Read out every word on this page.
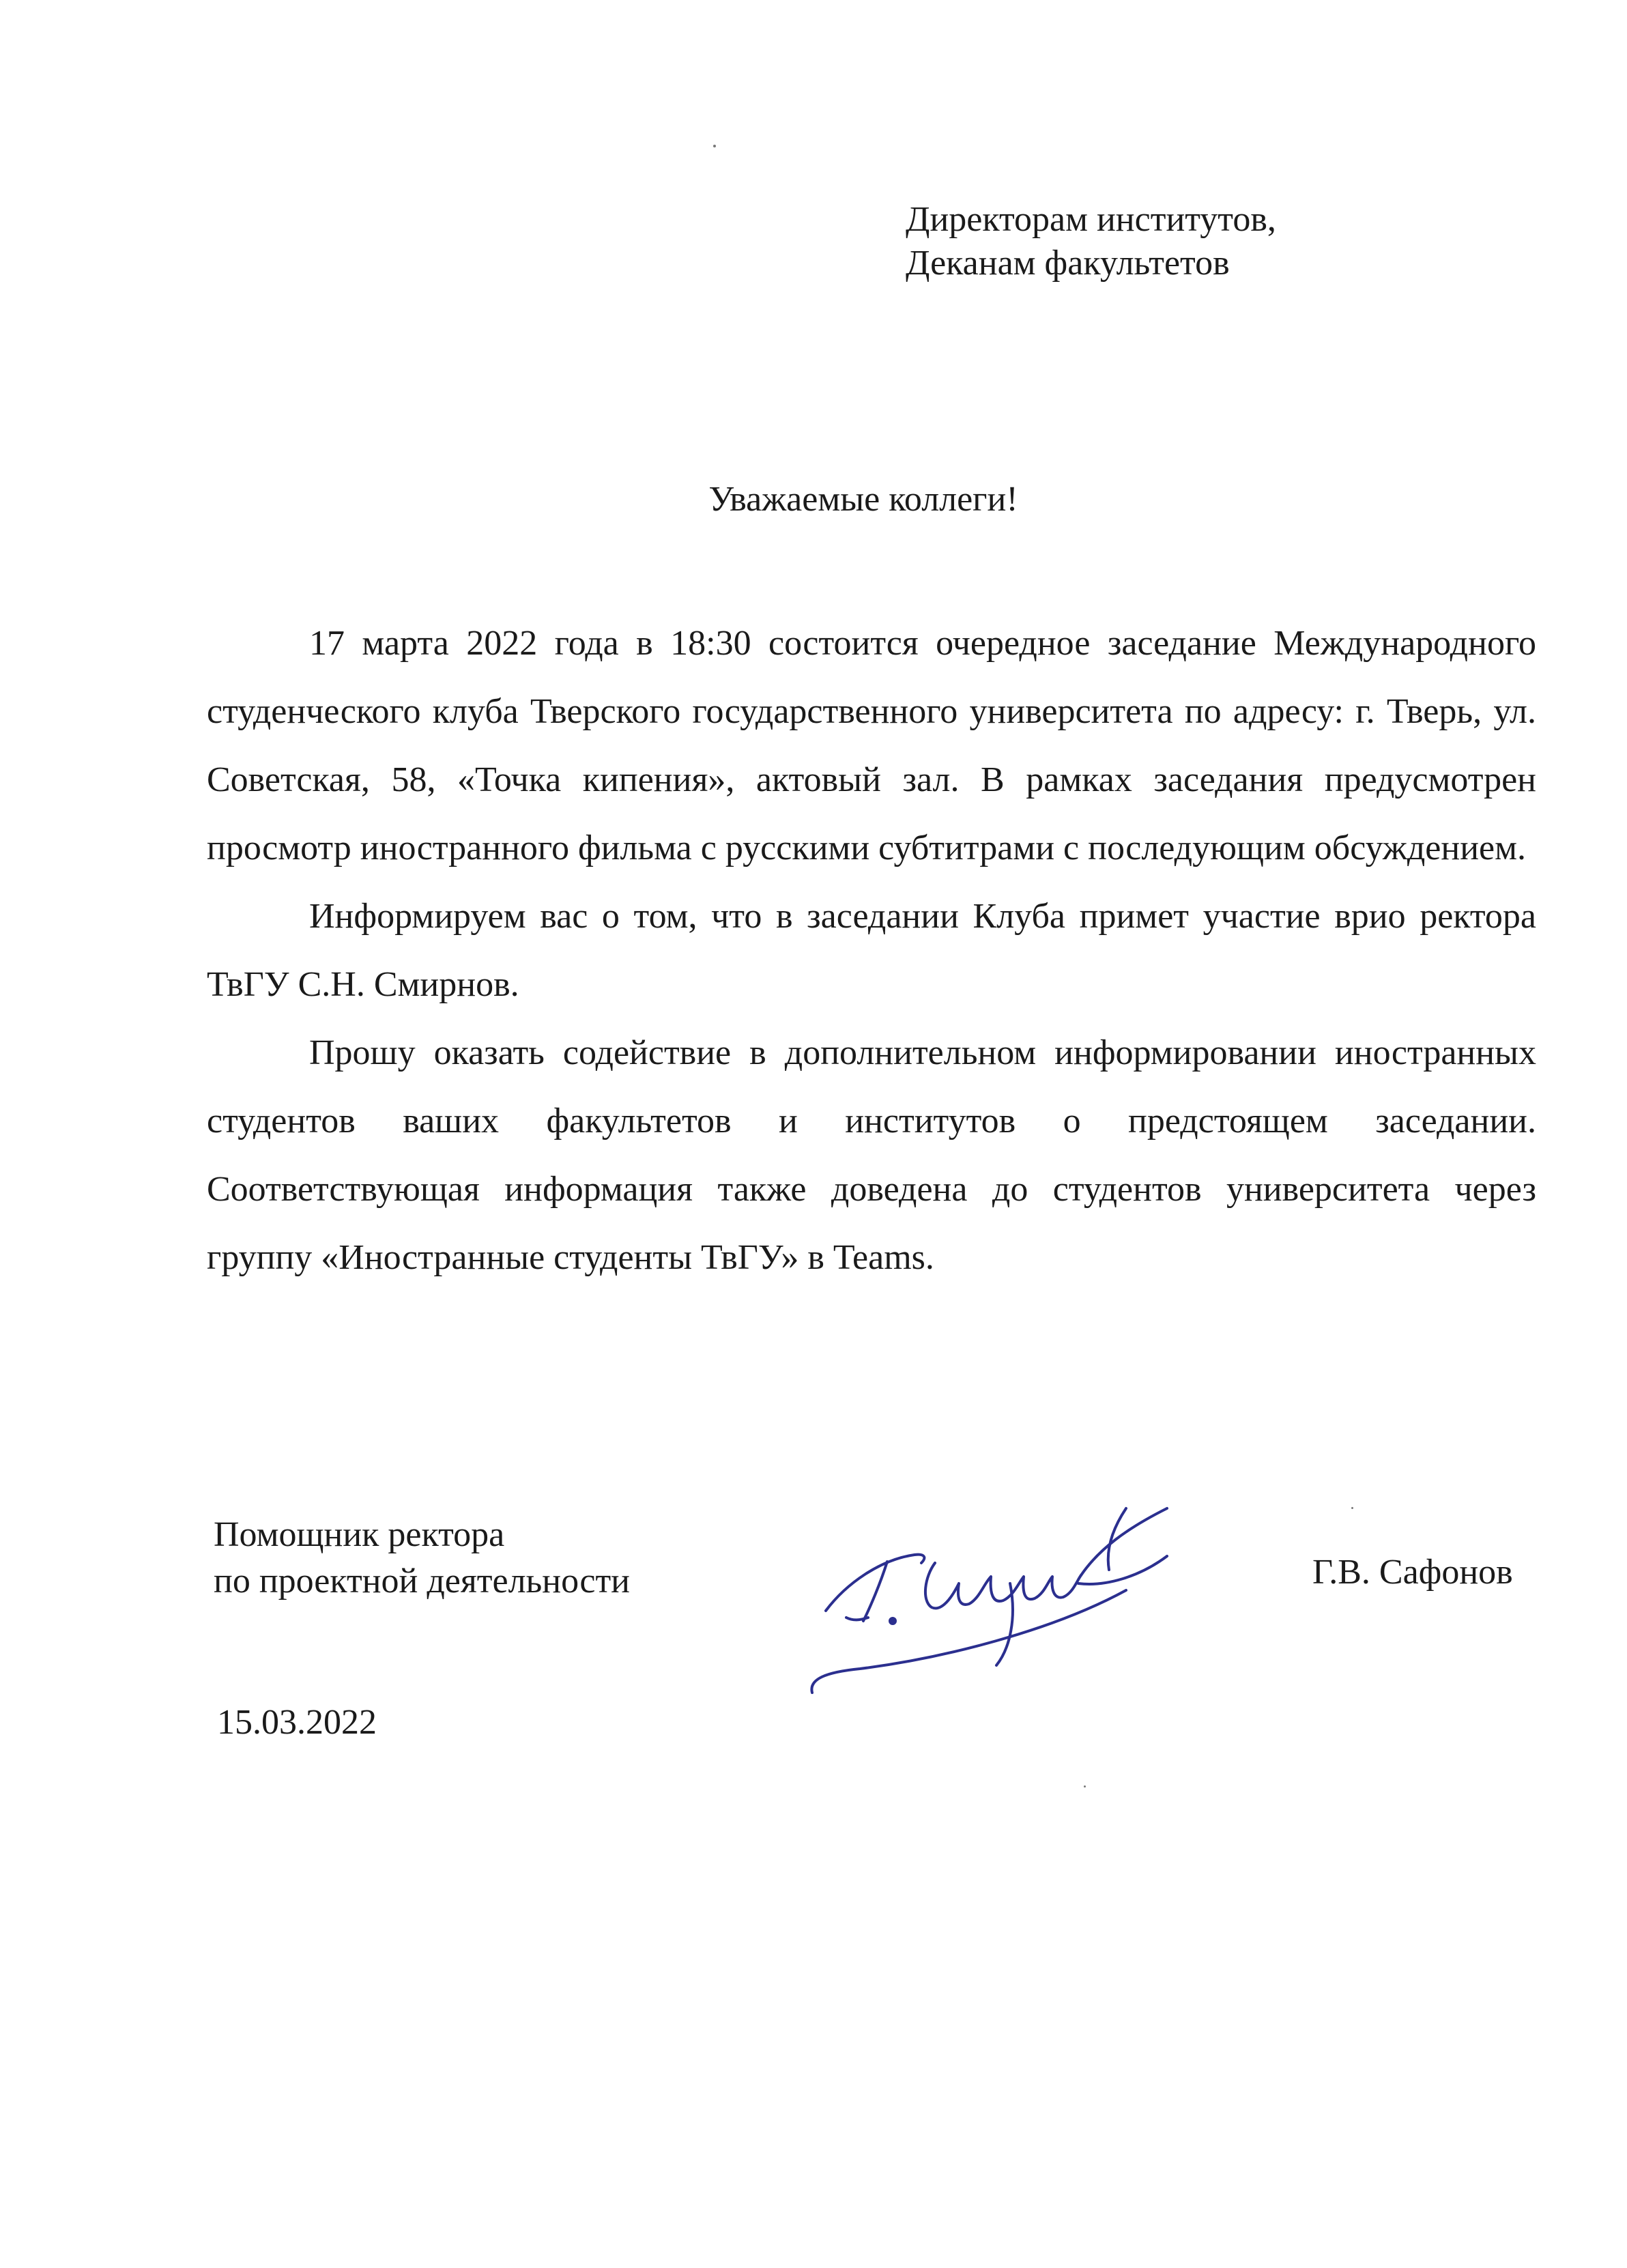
Директорам институтов,
Деканам факультетов
Уважаемые коллеги!

17 марта 2022 года в 18:30 состоится очередное заседание Международного студенческого клуба Тверского государственного университета по адресу: г. Тверь, ул. Советская, 58, «Точка кипения», актовый зал. В рамках заседания предусмотрен просмотр иностранного фильма с русскими субтитрами с последующим обсуждением.

Информируем вас о том, что в заседании Клуба примет участие врио ректора ТвГУ С.Н. Смирнов.

Прошу оказать содействие в дополнительном информировании иностранных студентов ваших факультетов и институтов о предстоящем заседании. Соответствующая информация также доведена до студентов университета через группу «Иностранные студенты ТвГУ» в Teams.

Помощник ректора
по проектной деятельности	Г.В. Сафонов
15.03.2022
